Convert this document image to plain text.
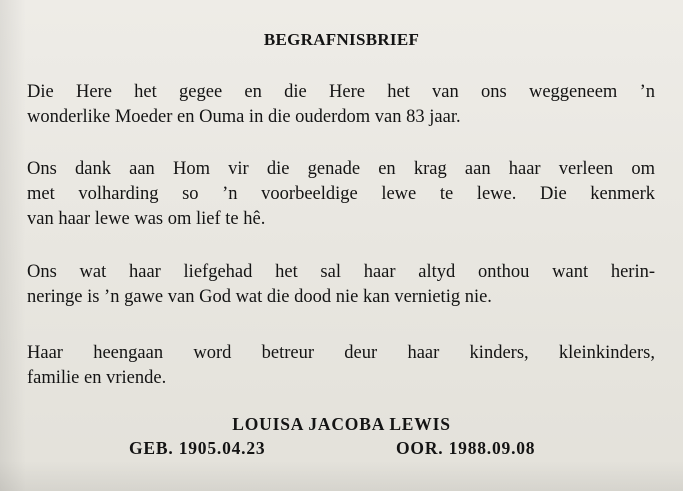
BEGRAFNISBRIEF
Die Here het gegee en die Here het van ons weggeneem ’n
wonderlike Moeder en Ouma in die ouderdom van 83 jaar.
Ons dank aan Hom vir die genade en krag aan haar verleen om
met volharding so ’n voorbeeldige lewe te lewe. Die kenmerk
van haar lewe was om lief te hê.
Ons wat haar liefgehad het sal haar altyd onthou want herin-
neringe is ’n gawe van God wat die dood nie kan vernietig nie.
Haar heengaan word betreur deur haar kinders, kleinkinders,
familie en vriende.
LOUISA JACOBA LEWIS
GEB. 1905.04.23	OOR. 1988.09.08
